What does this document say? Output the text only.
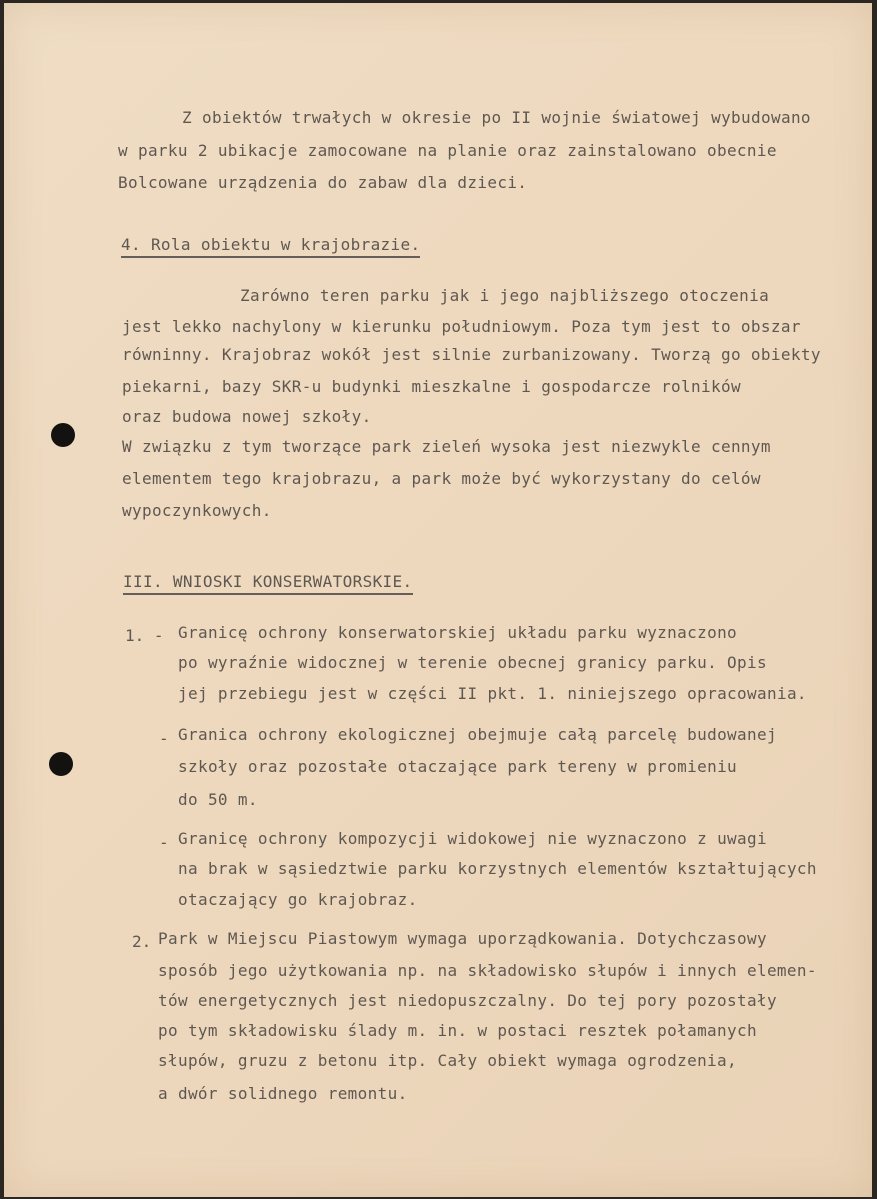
Z obiektów trwałych w okresie po II wojnie światowej wybudowano

w parku 2 ubikacje zamocowane na planie oraz zainstalowano obecnie

Bolcowane urządzenia do zabaw dla dzieci.

4. Rola obiektu w krajobrazie.

Zarówno teren parku jak i jego najbliższego otoczenia

jest lekko nachylony w kierunku południowym. Poza tym jest to obszar

równinny. Krajobraz wokół jest silnie zurbanizowany. Tworzą go obiekty

piekarni, bazy SKR-u budynki mieszkalne i gospodarcze rolników

oraz budowa nowej szkoły.

W związku z tym tworzące park zieleń wysoka jest niezwykle cennym

elementem tego krajobrazu, a park może być wykorzystany do celów

wypoczynkowych.

III. WNIOSKI KONSERWATORSKIE.
1. - Granicę ochrony konserwatorskiej układu parku wyznaczono

po wyraźnie widocznej w terenie obecnej granicy parku. Opis

jej przebiegu jest w części II pkt. 1. niniejszego opracowania.

- Granica ochrony ekologicznej obejmuje całą parcelę budowanej

szkoły oraz pozostałe otaczające park tereny w promieniu

do 50 m.

- Granicę ochrony kompozycji widokowej nie wyznaczono z uwagi

na brak w sąsiedztwie parku korzystnych elementów kształtujących

otaczający go krajobraz.

2. Park w Miejscu Piastowym wymaga uporządkowania. Dotychczasowy

sposób jego użytkowania np. na składowisko słupów i innych elemen-

tów energetycznych jest niedopuszczalny. Do tej pory pozostały

po tym składowisku ślady m. in. w postaci resztek połamanych

słupów, gruzu z betonu itp. Cały obiekt wymaga ogrodzenia,

a dwór solidnego remontu.
